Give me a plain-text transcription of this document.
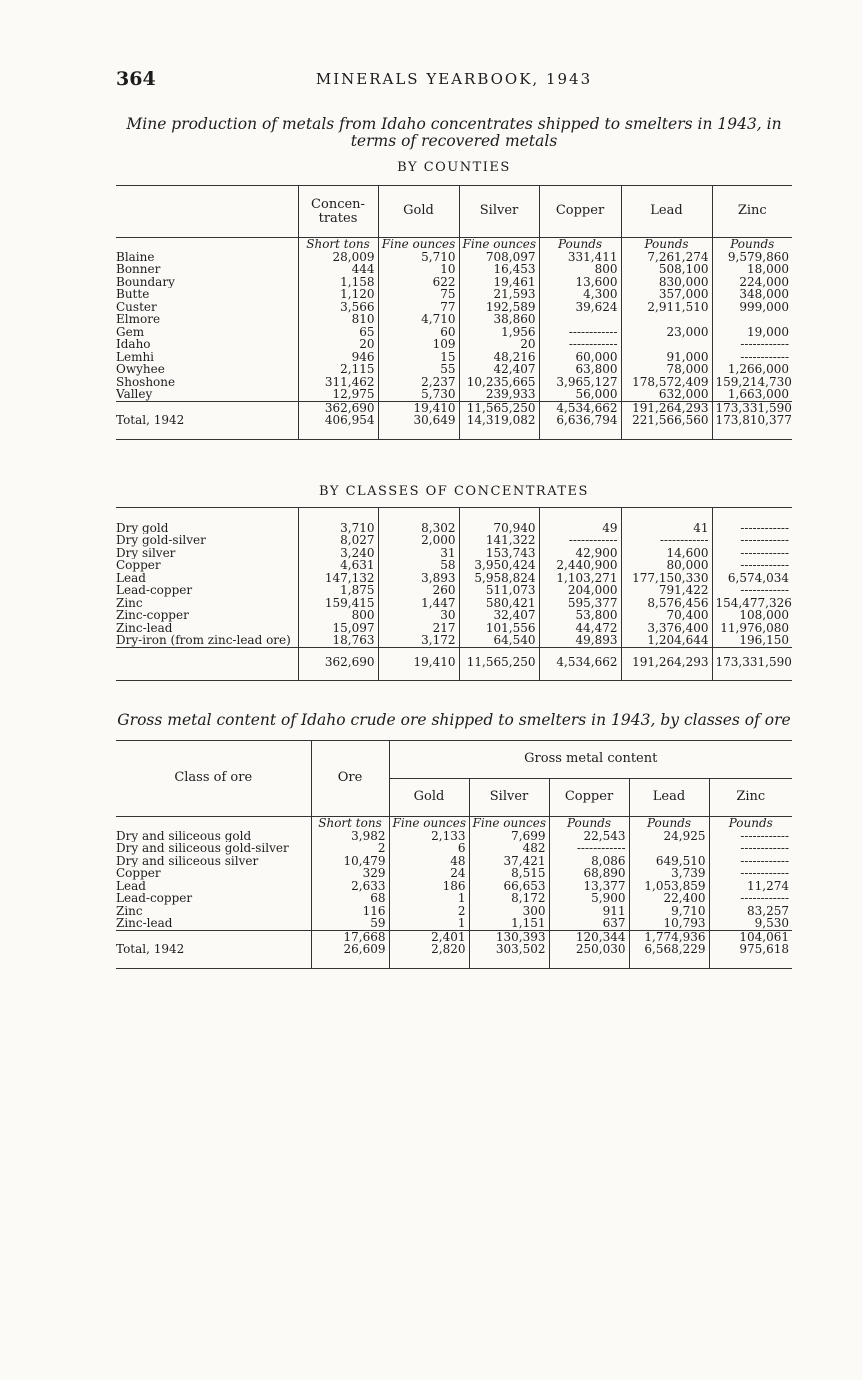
364	MINERALS YEARBOOK, 1943
Mine production of metals from Idaho concentrates shipped to smelters in 1943, in
terms of recovered metals
BY COUNTIES
	Concen-
trates	Gold	Silver	Copper	Lead	Zinc
	Short tons	Fine ounces	Fine ounces	Pounds	Pounds	Pounds
Blaine	28,009	5,710	708,097	331,411	7,261,274	9,579,860
Bonner	444	10	16,453	800	508,100	18,000
Boundary	1,158	622	19,461	13,600	830,000	224,000
Butte	1,120	75	21,593	4,300	357,000	348,000
Custer	3,566	77	192,589	39,624	2,911,510	999,000
Elmore	810	4,710	38,860			
Gem	65	60	1,956	------------	23,000	19,000
Idaho	20	109	20	------------		------------
Lemhi	946	15	48,216	60,000	91,000	------------
Owyhee	2,115	55	42,407	63,800	78,000	1,266,000
Shoshone	311,462	2,237	10,235,665	3,965,127	178,572,409	159,214,730
Valley	12,975	5,730	239,933	56,000	632,000	1,663,000
	362,690	19,410	11,565,250	4,534,662	191,264,293	173,331,590
Total, 1942	406,954	30,649	14,319,082	6,636,794	221,566,560	173,810,377
BY CLASSES OF CONCENTRATES

Dry gold	3,710	8,302	70,940	49	41	------------
Dry gold-silver	8,027	2,000	141,322	------------	------------	------------
Dry silver	3,240	31	153,743	42,900	14,600	------------
Copper	4,631	58	3,950,424	2,440,900	80,000	------------
Lead	147,132	3,893	5,958,824	1,103,271	177,150,330	6,574,034
Lead-copper	1,875	260	511,073	204,000	791,422	------------
Zinc	159,415	1,447	580,421	595,377	8,576,456	154,477,326
Zinc-copper	800	30	32,407	53,800	70,400	108,000
Zinc-lead	15,097	217	101,556	44,472	3,376,400	11,976,080
Dry-iron (from zinc-lead ore)	18,763	3,172	64,540	49,893	1,204,644	196,150
	362,690	19,410	11,565,250	4,534,662	191,264,293	173,331,590
Gross metal content of Idaho crude ore shipped to smelters in 1943, by classes of ore
Class of ore	Ore	Gross metal content				
		Gold	Silver	Copper	Lead	Zinc
	Short tons	Fine ounces	Fine ounces	Pounds	Pounds	Pounds
Dry and siliceous gold	3,982	2,133	7,699	22,543	24,925	------------
Dry and siliceous gold-silver	2	6	482	------------		------------
Dry and siliceous silver	10,479	48	37,421	8,086	649,510	------------
Copper	329	24	8,515	68,890	3,739	------------
Lead	2,633	186	66,653	13,377	1,053,859	11,274
Lead-copper	68	1	8,172	5,900	22,400	------------
Zinc	116	2	300	911	9,710	83,257
Zinc-lead	59	1	1,151	637	10,793	9,530
	17,668	2,401	130,393	120,344	1,774,936	104,061
Total, 1942	26,609	2,820	303,502	250,030	6,568,229	975,618
